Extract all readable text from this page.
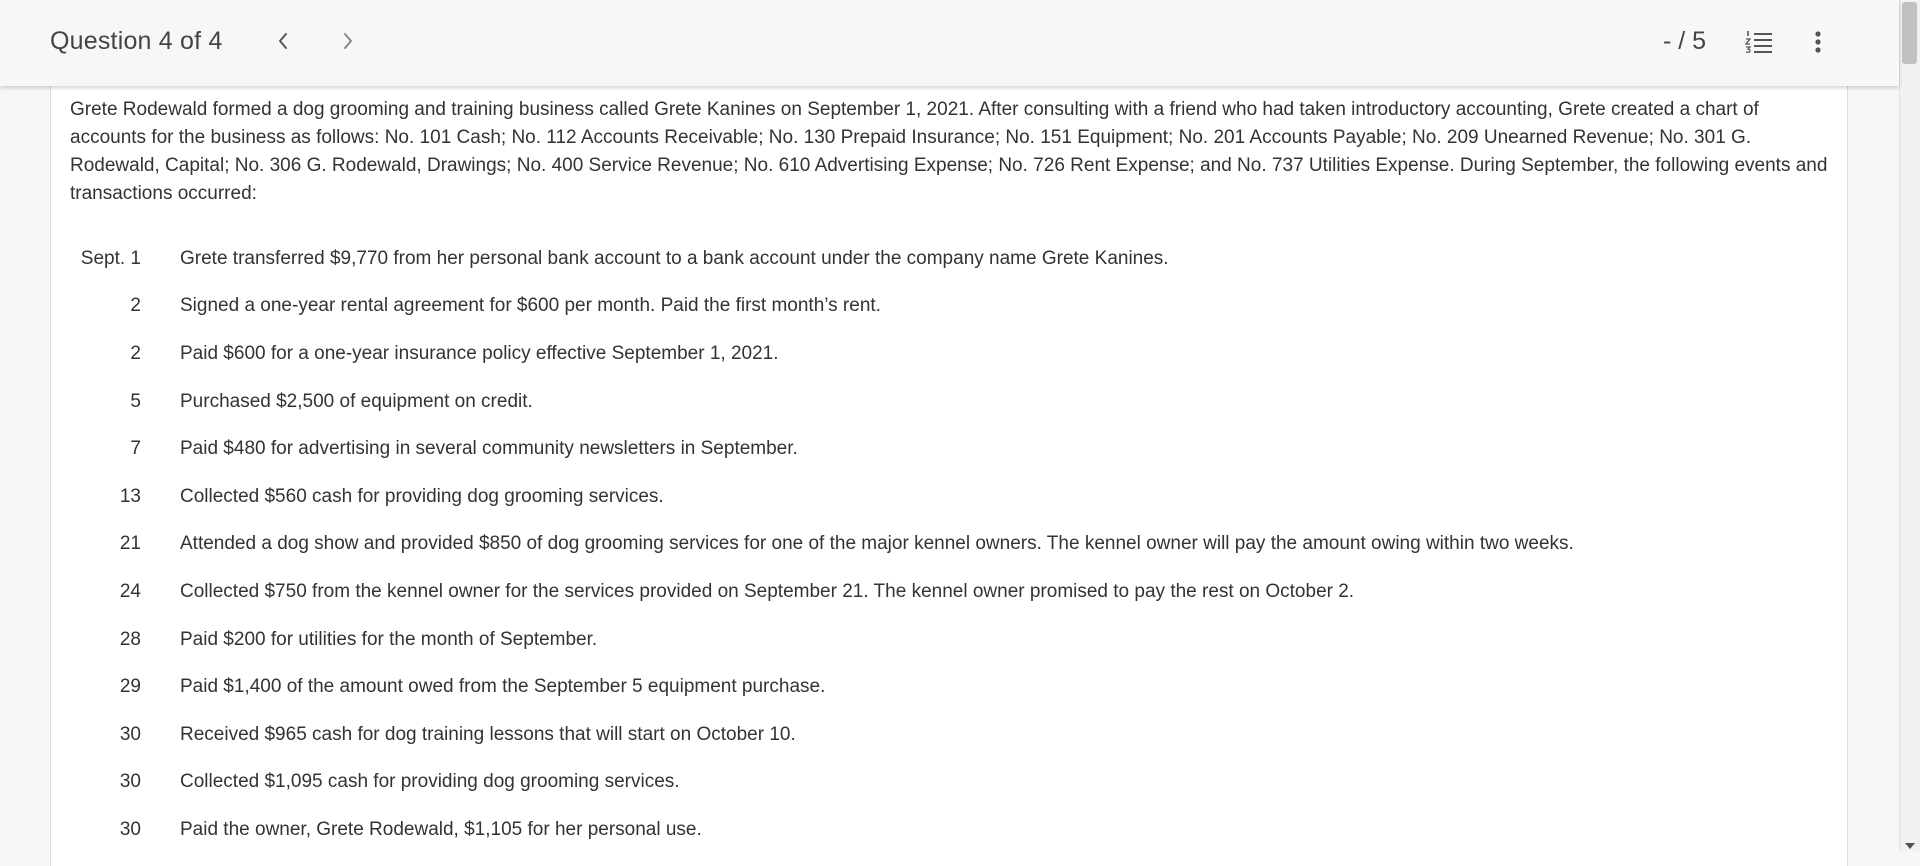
Question 4 of 4	- / 5
Grete Rodewald formed a dog grooming and training business called Grete Kanines on September 1, 2021. After consulting with a friend who had taken introductory accounting, Grete created a chart of accounts for the business as follows: No. 101 Cash; No. 112 Accounts Receivable; No. 130 Prepaid Insurance; No. 151 Equipment; No. 201 Accounts Payable; No. 209 Unearned Revenue; No. 301 G. Rodewald, Capital; No. 306 G. Rodewald, Drawings; No. 400 Service Revenue; No. 610 Advertising Expense; No. 726 Rent Expense; and No. 737 Utilities Expense. During September, the following events and transactions occurred:
Sept. 1		Grete transferred $9,770 from her personal bank account to a bank account under the company name Grete Kanines.
2		Signed a one-year rental agreement for $600 per month. Paid the first month’s rent.
2		Paid $600 for a one-year insurance policy effective September 1, 2021.
5		Purchased $2,500 of equipment on credit.
7		Paid $480 for advertising in several community newsletters in September.
13		Collected $560 cash for providing dog grooming services.
21		Attended a dog show and provided $850 of dog grooming services for one of the major kennel owners. The kennel owner will pay the amount owing within two weeks.
24		Collected $750 from the kennel owner for the services provided on September 21. The kennel owner promised to pay the rest on October 2.
28		Paid $200 for utilities for the month of September.
29		Paid $1,400 of the amount owed from the September 5 equipment purchase.
30		Received $965 cash for dog training lessons that will start on October 10.
30		Collected $1,095 cash for providing dog grooming services.
30		Paid the owner, Grete Rodewald, $1,105 for her personal use.
